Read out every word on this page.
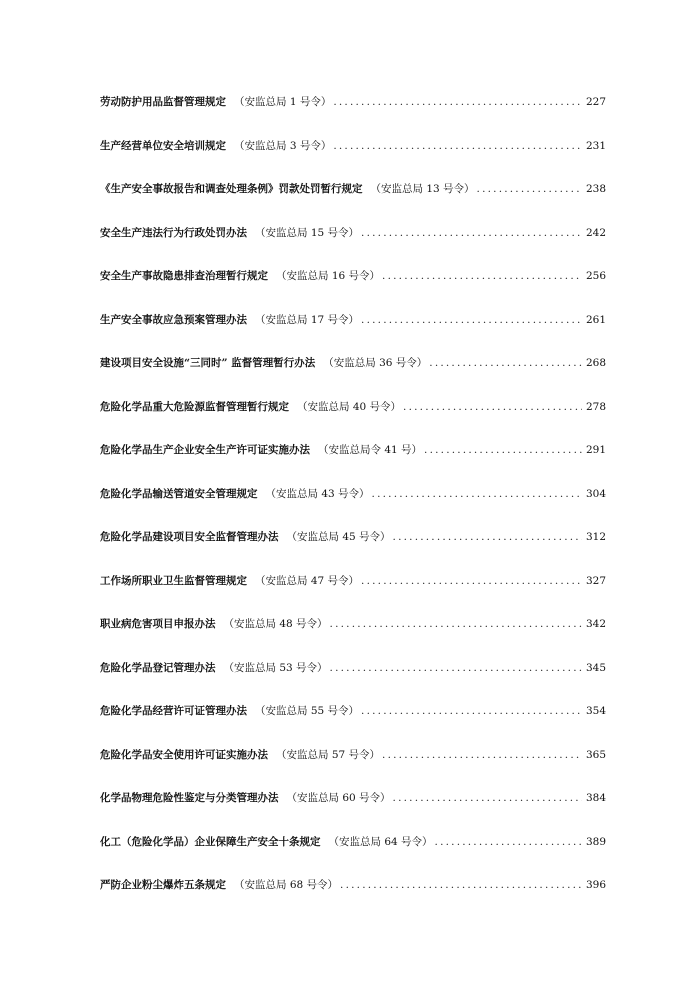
劳动防护用品监督管理规定 （安监总局 1 号令） .....	227
生产经营单位安全培训规定 （安监总局 3 号令） .....	231
《生产安全事故报告和调查处理条例》罚款处罚暂行规定 （安监总局 13 号令） .....	238
安全生产违法行为行政处罚办法 （安监总局 15 号令） .....	242
安全生产事故隐患排查治理暂行规定 （安监总局 16 号令） .....	256
生产安全事故应急预案管理办法 （安监总局 17 号令） .....	261
建设项目安全设施“三同时” 监督管理暂行办法 （安监总局 36 号令） .....	268
危险化学品重大危险源监督管理暂行规定 （安监总局 40 号令） .....	278
危险化学品生产企业安全生产许可证实施办法 （安监总局令 41 号） .....	291
危险化学品输送管道安全管理规定 （安监总局 43 号令） .....	304
危险化学品建设项目安全监督管理办法 （安监总局 45 号令） .....	312
工作场所职业卫生监督管理规定 （安监总局 47 号令） .....	327
职业病危害项目申报办法 （安监总局 48 号令） .....	342
危险化学品登记管理办法 （安监总局 53 号令） .....	345
危险化学品经营许可证管理办法 （安监总局 55 号令） .....	354
危险化学品安全使用许可证实施办法 （安监总局 57 号令） .....	365
化学品物理危险性鉴定与分类管理办法 （安监总局 60 号令） .....	384
化工（危险化学品）企业保障生产安全十条规定 （安监总局 64 号令） .....	389
严防企业粉尘爆炸五条规定 （安监总局 68 号令） .....	396
